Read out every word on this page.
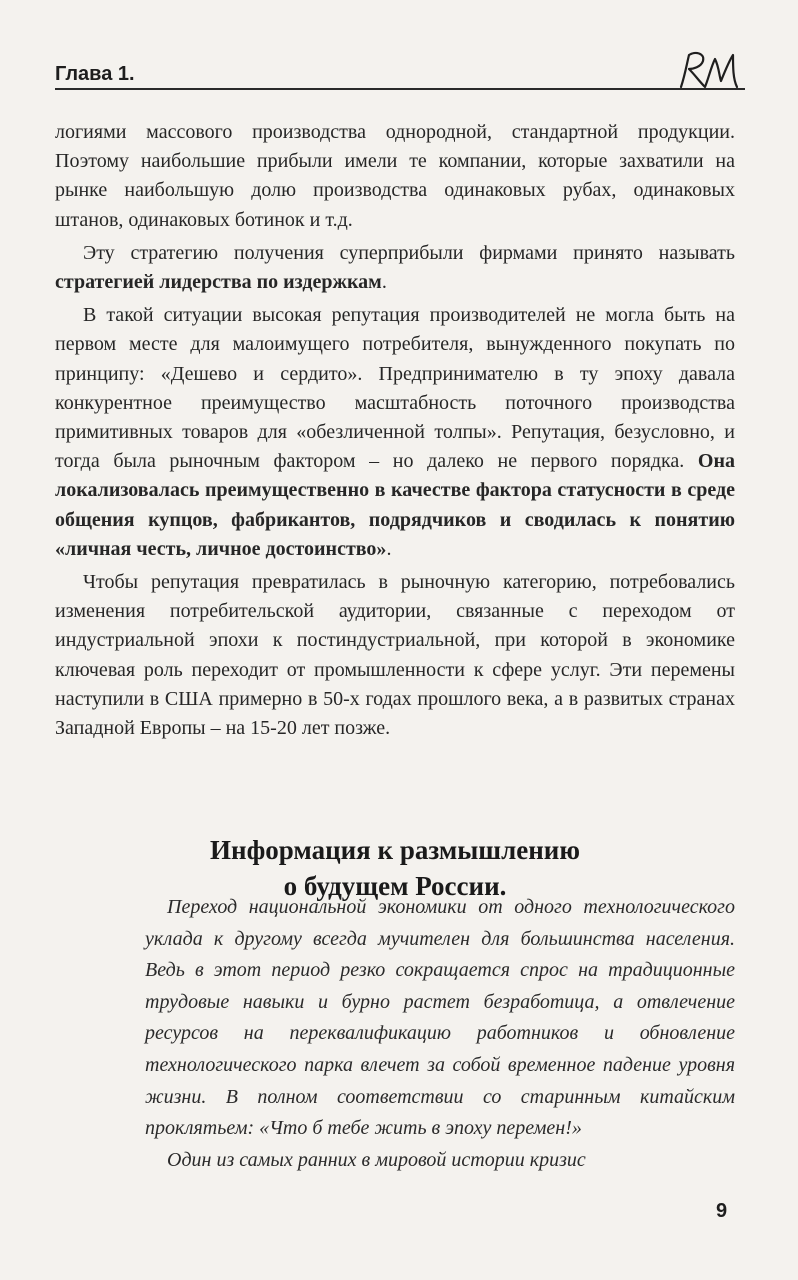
Глава 1.

логиями массового производства однородной, стандартной продукции. Поэтому наибольшие прибыли имели те компании, которые захватили на рынке наибольшую долю производства одинаковых рубах, одинаковых штанов, одинаковых ботинок и т.д.

Эту стратегию получения суперприбыли фирмами принято называть стратегией лидерства по издержкам.

В такой ситуации высокая репутация производителей не могла быть на первом месте для малоимущего потребителя, вынужденного покупать по принципу: «Дешево и сердито». Предпринимателю в ту эпоху давала конкурентное преимущество масштабность поточного производства примитивных товаров для «обезличенной толпы». Репутация, безусловно, и тогда была рыночным фактором – но далеко не первого порядка. Она локализовалась преимущественно в качестве фактора статусности в среде общения купцов, фабрикантов, подрядчиков и сводилась к понятию «личная честь, личное достоинство».

Чтобы репутация превратилась в рыночную категорию, потребовались изменения потребительской аудитории, связанные с переходом от индустриальной эпохи к постиндустриальной, при которой в экономике ключевая роль переходит от промышленности к сфере услуг. Эти перемены наступили в США примерно в 50-х годах прошлого века, а в развитых странах Западной Европы – на 15-20 лет позже.

Информация к размышлению
о будущем России.

Переход национальной экономики от одного технологического уклада к другому всегда мучителен для большинства населения. Ведь в этот период резко сокращается спрос на традиционные трудовые навыки и бурно растет безработица, а отвлечение ресурсов на переквалификацию работников и обновление технологического парка влечет за собой временное падение уровня жизни. В полном соответствии со старинным китайским проклятьем: «Что б тебе жить в эпоху перемен!»

Один из самых ранних в мировой истории кризис

9
